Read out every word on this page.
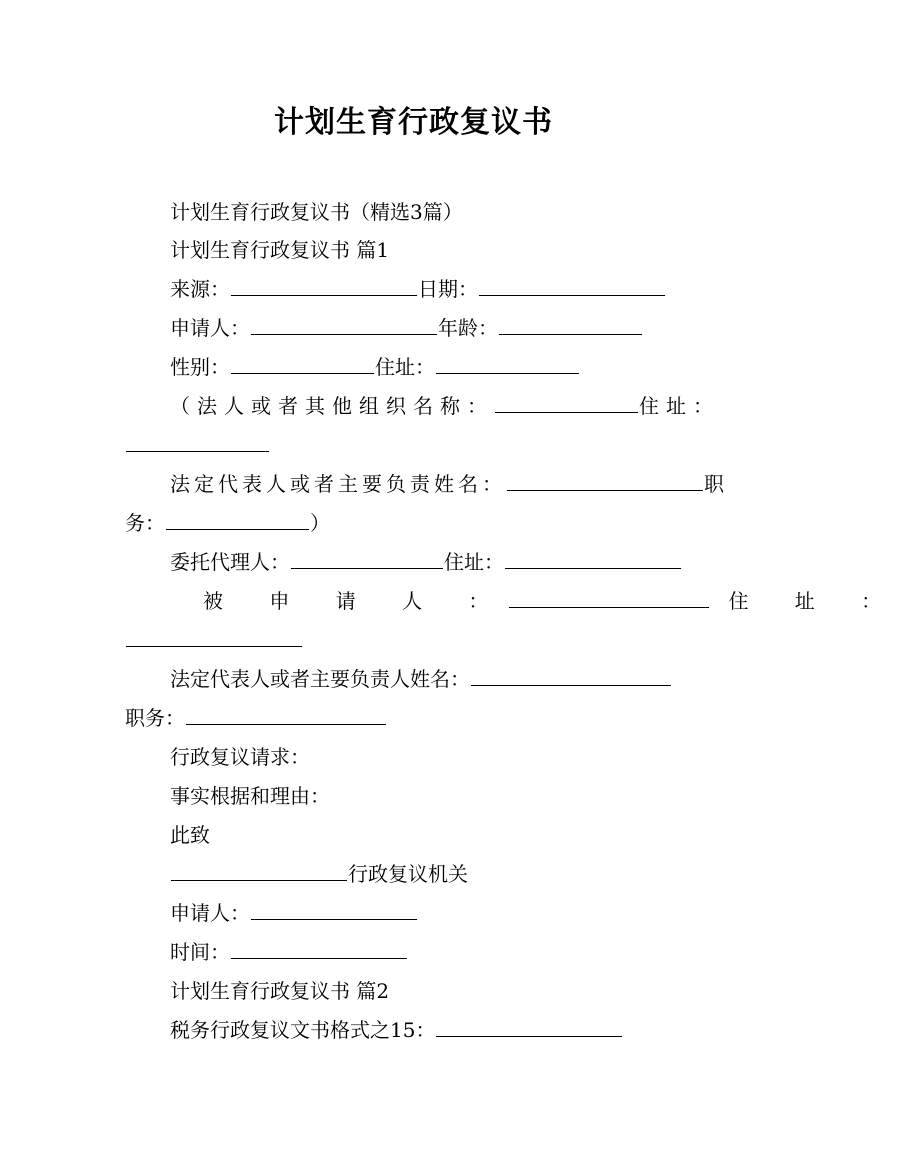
计划生育行政复议书
计划生育行政复议书（精选3篇）
计划生育行政复议书 篇1
来源：	日期：
申请人：	年龄：
性别：	住址：
（法人或者其他组织名称：	住址：
法定代表人或者主要负责姓名：	职
务：	）
委托代理人：	住址：
被 申 请 人 ：	住 址 ：
法定代表人或者主要负责人姓名：
职务：
行政复议请求：
事实根据和理由：
此致
行政复议机关
申请人：
时间：
计划生育行政复议书 篇2
税务行政复议文书格式之15：
